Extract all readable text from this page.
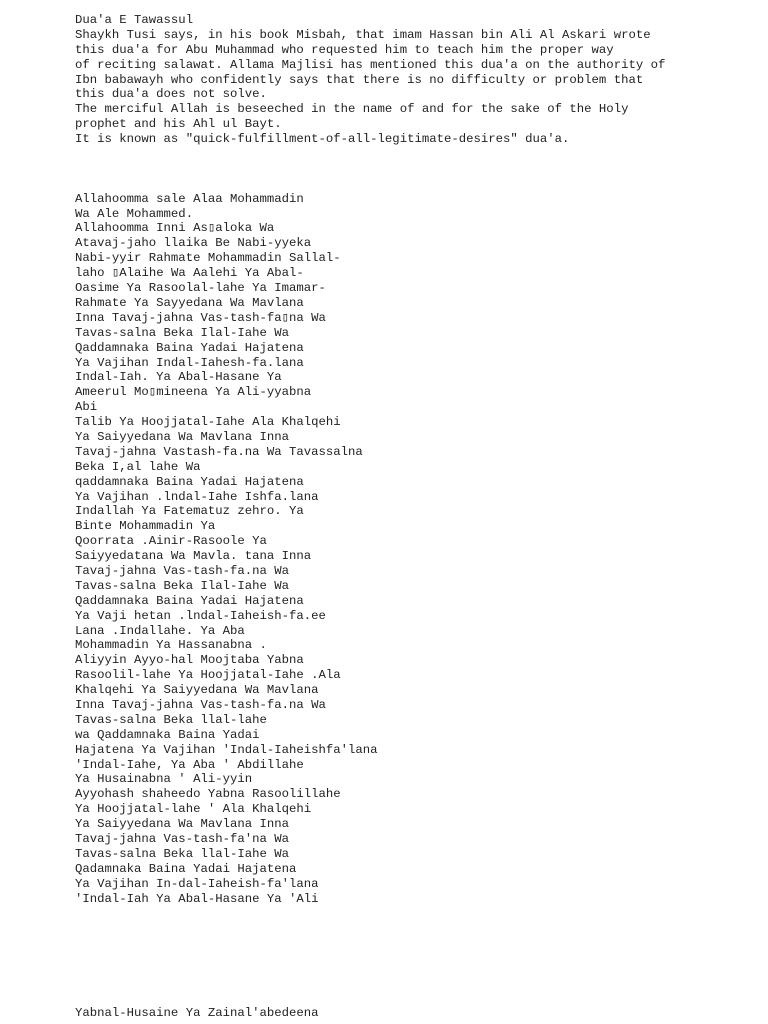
Dua'a E Tawassul
Shaykh Tusi says, in his book Misbah, that imam Hassan bin Ali Al Askari wrote
this dua'a for Abu Muhammad who requested him to teach him the proper way
of reciting salawat. Allama Majlisi has mentioned this dua'a on the authority of
Ibn babawayh who confidently says that there is no difficulty or problem that
this dua'a does not solve.
The merciful Allah is beseeched in the name of and for the sake of the Holy
prophet and his Ahl ul Bayt.
It is known as "quick-fulfillment-of-all-legitimate-desires" dua'a.
Allahoomma sale Alaa Mohammadin
Wa Ale Mohammed.
Allahoomma Inni As▯aloka Wa
Atavaj-jaho llaika Be Nabi-yyeka
Nabi-yyir Rahmate Mohammadin Sallal-
laho ▯Alaihe Wa Aalehi Ya Abal-
Oasime Ya Rasoolal-lahe Ya Imamar-
Rahmate Ya Sayyedana Wa Mavlana
Inna Tavaj-jahna Vas-tash-fa▯na Wa
Tavas-salna Beka Ilal-Iahe Wa
Qaddamnaka Baina Yadai Hajatena
Ya Vajihan Indal-Iahesh-fa.lana
Indal-Iah. Ya Abal-Hasane Ya
Ameerul Mo▯mineena Ya Ali-yyabna
Abi
Talib Ya Hoojjatal-Iahe Ala Khalqehi
Ya Saiyyedana Wa Mavlana Inna
Tavaj-jahna Vastash-fa.na Wa Tavassalna
Beka I,al lahe Wa
qaddamnaka Baina Yadai Hajatena
Ya Vajihan .lndal-Iahe Ishfa.lana
Indallah Ya Fatematuz zehro. Ya
Binte Mohammadin Ya
Qoorrata .Ainir-Rasoole Ya
Saiyyedatana Wa Mavla. tana Inna
Tavaj-jahna Vas-tash-fa.na Wa
Tavas-salna Beka Ilal-Iahe Wa
Qaddamnaka Baina Yadai Hajatena
Ya Vaji hetan .lndal-Iaheish-fa.ee
Lana .Indallahe. Ya Aba
Mohammadin Ya Hassanabna .
Aliyyin Ayyo-hal Moojtaba Yabna
Rasoolil-lahe Ya Hoojjatal-Iahe .Ala
Khalqehi Ya Saiyyedana Wa Mavlana
Inna Tavaj-jahna Vas-tash-fa.na Wa
Tavas-salna Beka llal-lahe
wa Qaddamnaka Baina Yadai
Hajatena Ya Vajihan 'Indal-Iaheishfa'lana
'Indal-Iahe, Ya Aba ' Abdillahe
Ya Husainabna ' Ali-yyin
Ayyohash shaheedo Yabna Rasoolillahe
Ya Hoojjatal-lahe ' Ala Khalqehi
Ya Saiyyedana Wa Mavlana Inna
Tavaj-jahna Vas-tash-fa'na Wa
Tavas-salna Beka llal-Iahe Wa
Qadamnaka Baina Yadai Hajatena
Ya Vajihan In-dal-Iaheish-fa'lana
'Indal-Iah Ya Abal-Hasane Ya 'Ali
Yabnal-Husaine Ya Zainal'abedeena
